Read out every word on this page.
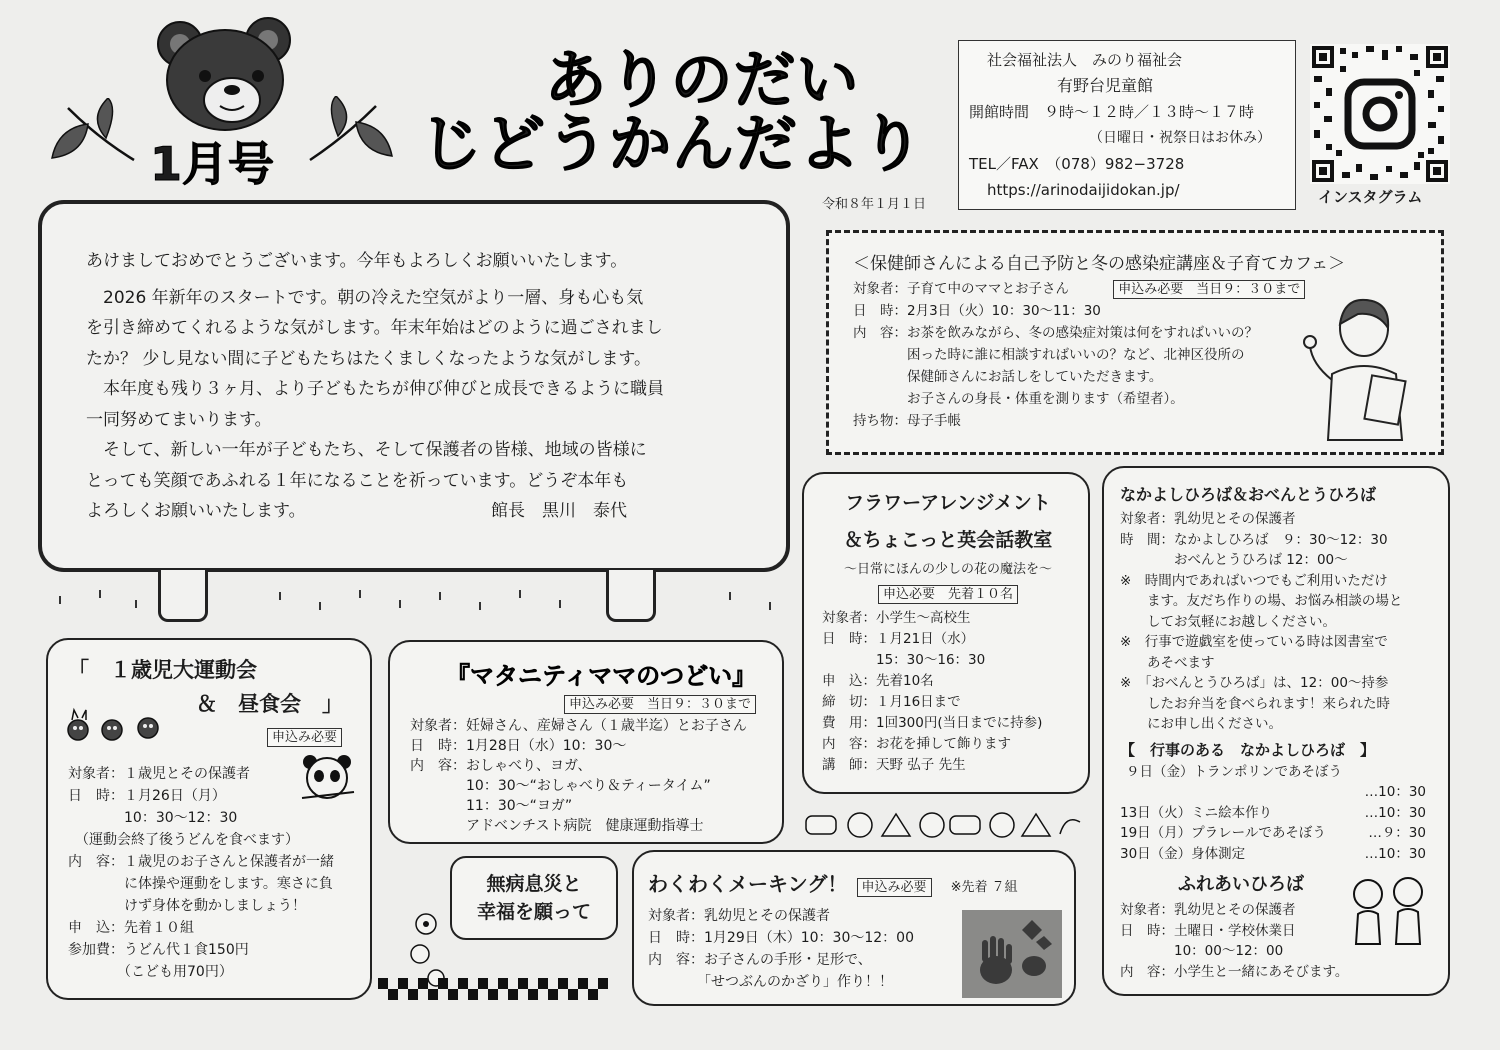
1月号
ありのだい
じどうかんだより
社会福祉法人　みのり福祉会
有野台児童館
開館時間　９時〜１２時／１３時〜１７時
（日曜日・祝祭日はお休み）
TEL／FAX　（078）982−3728
https://arinodaijidokan.jp/	インスタグラム
令和８年１月１日
あけましておめでとうございます。今年もよろしくお願いいたします。
　2026 年新年のスタートです。朝の冷えた空気がより一層、身も心も気
を引き締めてくれるような気がします。年末年始はどのように過ごされまし
たか？ 少し見ない間に子どもたちはたくましくなったような気がします。
　本年度も残り３ヶ月、より子どもたちが伸び伸びと成長できるように職員
一同努めてまいります。
　そして、新しい一年が子どもたち、そして保護者の皆様、地域の皆様に
とっても笑顔であふれる１年になることを祈っています。どうぞ本年も
よろしくお願いいたします。	館長　黒川　泰代
＜保健師さんによる自己予防と冬の感染症講座＆子育てカフェ＞
対象者：子育て中のママとお子さん	申込み必要　当日９：３０まで
日　時：2月3日（火）10：30〜11：30
内　容：お茶を飲みながら、冬の感染症対策は何をすればいいの？
　　　　困った時に誰に相談すればいいの？など、北神区役所の
　　　　保健師さんにお話しをしていただきます。
　　　　お子さんの身長・体重を測ります（希望者）。
持ち物：母子手帳
「　１歳児大運動会
＆　昼食会　」
申込み必要
対象者：１歳児とその保護者
日　時：１月26日（月）
　　　　10：30〜12：30
　（運動会終了後うどんを食べます）
内　容：１歳児のお子さんと保護者が一緒
　　　　に体操や運動をします。寒さに負
　　　　けず身体を動かしましょう！
申　込：先着１０組
参加費：うどん代１食150円
　　　　（こども用70円）
『マタニティママのつどい』
申込み必要　当日９：３０まで
対象者：妊婦さん、産婦さん（１歳半迄）とお子さん
日　時：1月28日（水）10：30〜
内　容：おしゃべり、ヨガ、
　　　　10：30〜“おしゃべり＆ティータイム”
　　　　11：30〜“ヨガ”
　　　　アドベンチスト病院　健康運動指導士
フラワーアレンジメント
＆ちょこっと英会話教室
〜日常にほんの少しの花の魔法を〜
申込必要　先着１０名
対象者：小学生〜高校生
日　時：１月21日（水）
　　　　15：30〜16：30
申　込：先着10名
締　切：１月16日まで
費　用：1回300円(当日までに持参)
内　容：お花を挿して飾ります
講　師：天野 弘子 先生
なかよしひろば＆おべんとうひろば
対象者：乳幼児とその保護者
時　間：なかよしひろば　９：30〜12：30
　　　　おべんとうひろば 12：00〜
※　時間内であればいつでもご利用いただけ
　　ます。友だち作りの場、お悩み相談の場と
　　してお気軽にお越しください。
※　行事で遊戯室を使っている時は図書室で
　　あそべます
※　「おべんとうひろば」は、12：00〜持参
　　したお弁当を食べられます！来られた時
　　にお申し出ください。
【　行事のある　なかよしひろば　】
９日（金）トランポリンであそぼう
…10：30
13日（火）ミニ絵本作り	…10：30
19日（月）プラレールであそぼう	…９：30
30日（金）身体測定	…10：30
ふれあいひろば
対象者：乳幼児とその保護者
日　時：土曜日・学校休業日
　　　　10：00〜12：00
内　容：小学生と一緒にあそびます。
無病息災と
幸福を願って
わくわくメーキング！ 申込み必要 ※先着 ７組
対象者：乳幼児とその保護者
日　時：1月29日（木）10：30〜12：00
内　容：お子さんの手形・足形で、
　　　　「せつぶんのかざり」作り！！
